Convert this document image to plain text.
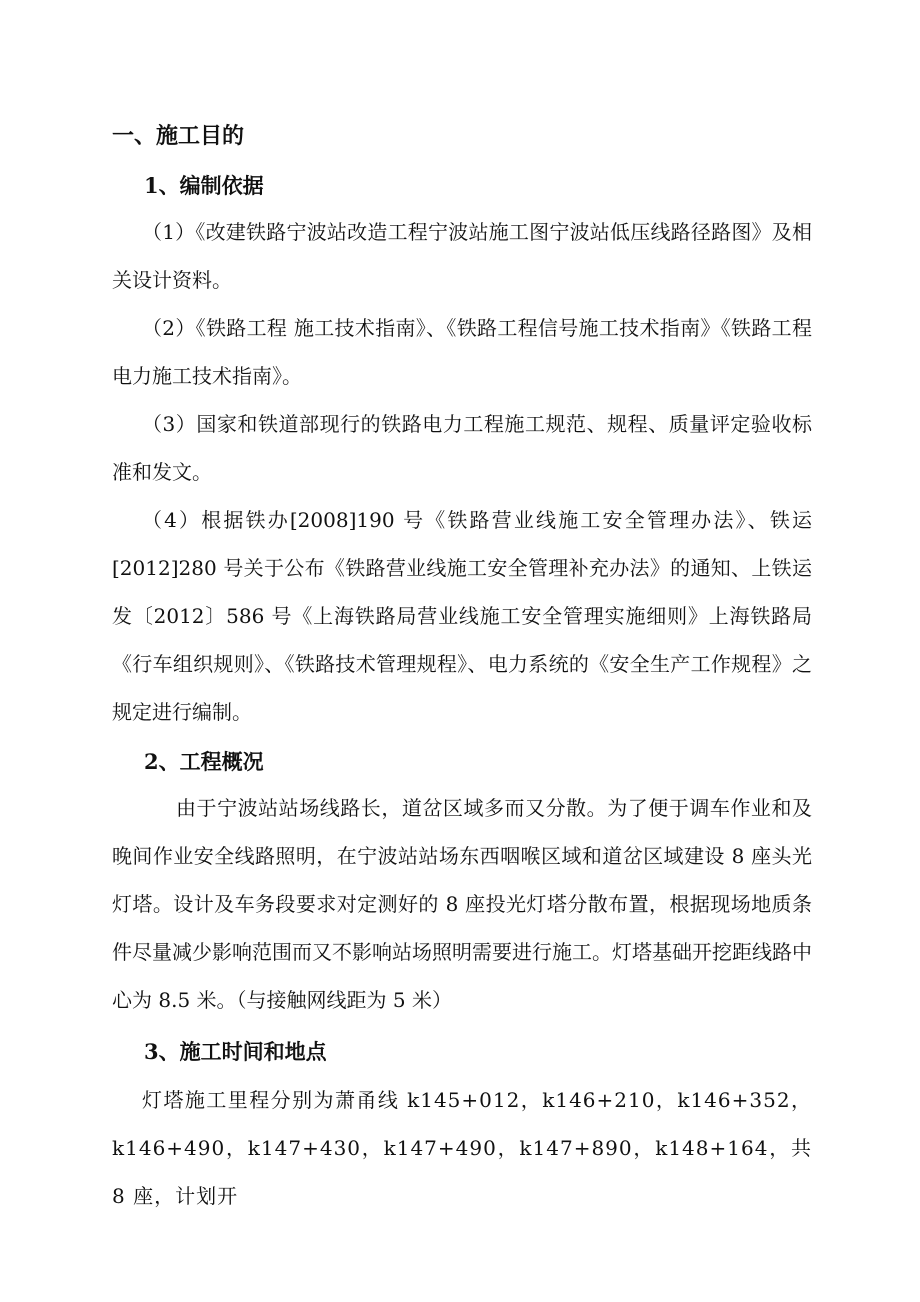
一、施工目的
1、编制依据

（1）《改建铁路宁波站改造工程宁波站施工图宁波站低压线路径路图》及相关设计资料。

（2）《铁路工程 施工技术指南》、《铁路工程信号施工技术指南》《铁路工程电力施工技术指南》。

（3）国家和铁道部现行的铁路电力工程施工规范、规程、质量评定验收标准和发文。

（4）根据铁办[2008]190 号《铁路营业线施工安全管理办法》、铁运[2012]280 号关于公布《铁路营业线施工安全管理补充办法》的通知、上铁运发〔2012〕586 号《上海铁路局营业线施工安全管理实施细则》上海铁路局《行车组织规则》、《铁路技术管理规程》、电力系统的《安全生产工作规程》之规定进行编制。

2、工程概况

由于宁波站站场线路长，道岔区域多而又分散。为了便于调车作业和及晚间作业安全线路照明，在宁波站站场东西咽喉区域和道岔区域建设 8 座头光灯塔。设计及车务段要求对定测好的 8 座投光灯塔分散布置，根据现场地质条件尽量减少影响范围而又不影响站场照明需要进行施工。灯塔基础开挖距线路中心为 8.5 米。（与接触网线距为 5 米）

3、施工时间和地点

灯塔施工里程分别为萧甬线 k145+012，k146+210，k146+352，k146+490，k147+430，k147+490，k147+890，k148+164，共 8 座，计划开
